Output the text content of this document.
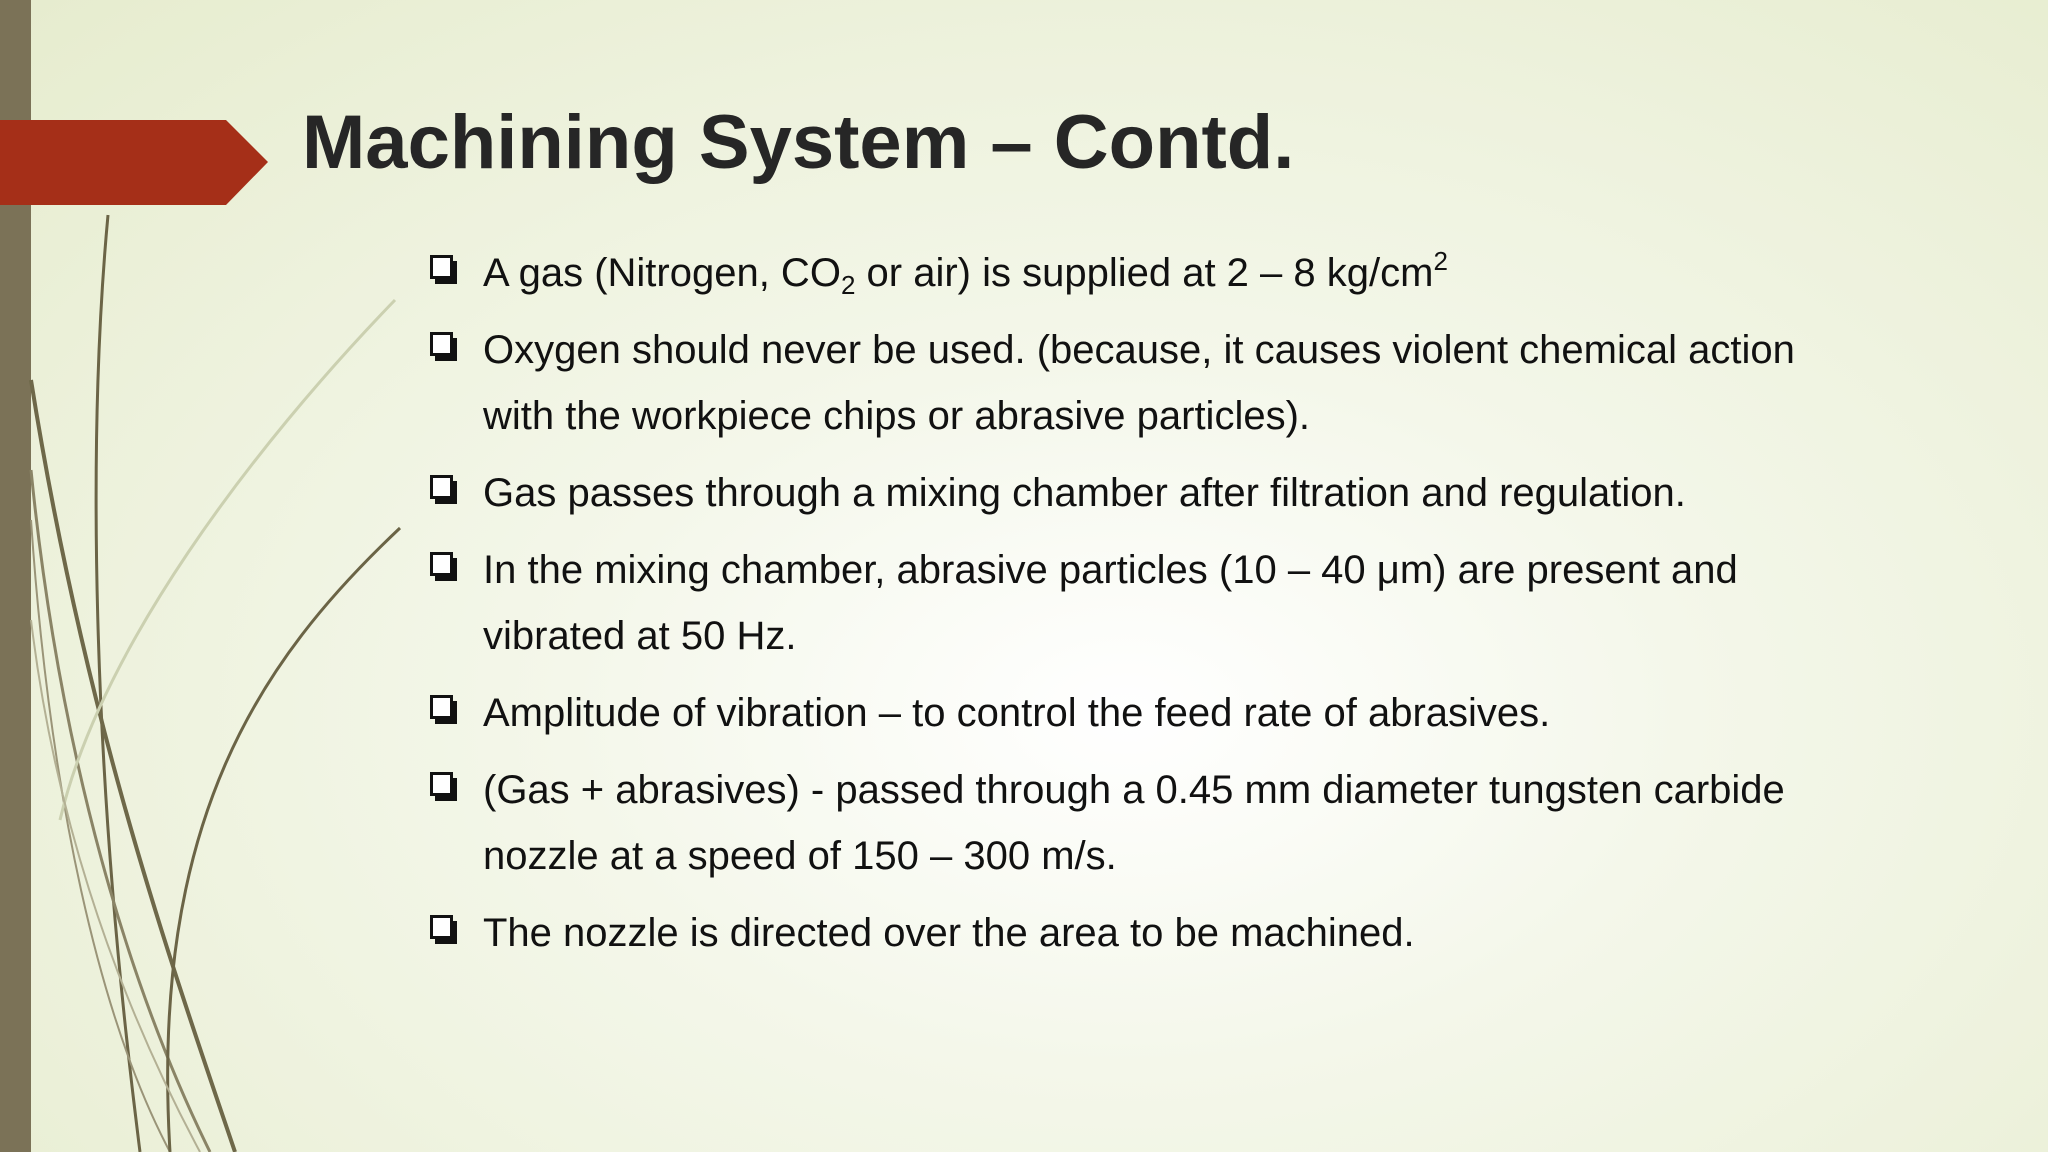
Machining System – Contd.
A gas (Nitrogen, $CO_2$ or air) is supplied at 2 – 8 $kg/cm^2$
Oxygen should never be used. (because, it causes violent chemical action with the workpiece chips or abrasive particles).
Gas passes through a mixing chamber after filtration and regulation.
In the mixing chamber, abrasive particles (10 – 40 μm) are present and vibrated at 50 Hz.
Amplitude of vibration – to control the feed rate of abrasives.
(Gas + abrasives) - passed through a 0.45 mm diameter tungsten carbide nozzle at a speed of 150 – 300 m/s.
The nozzle is directed over the area to be machined.
